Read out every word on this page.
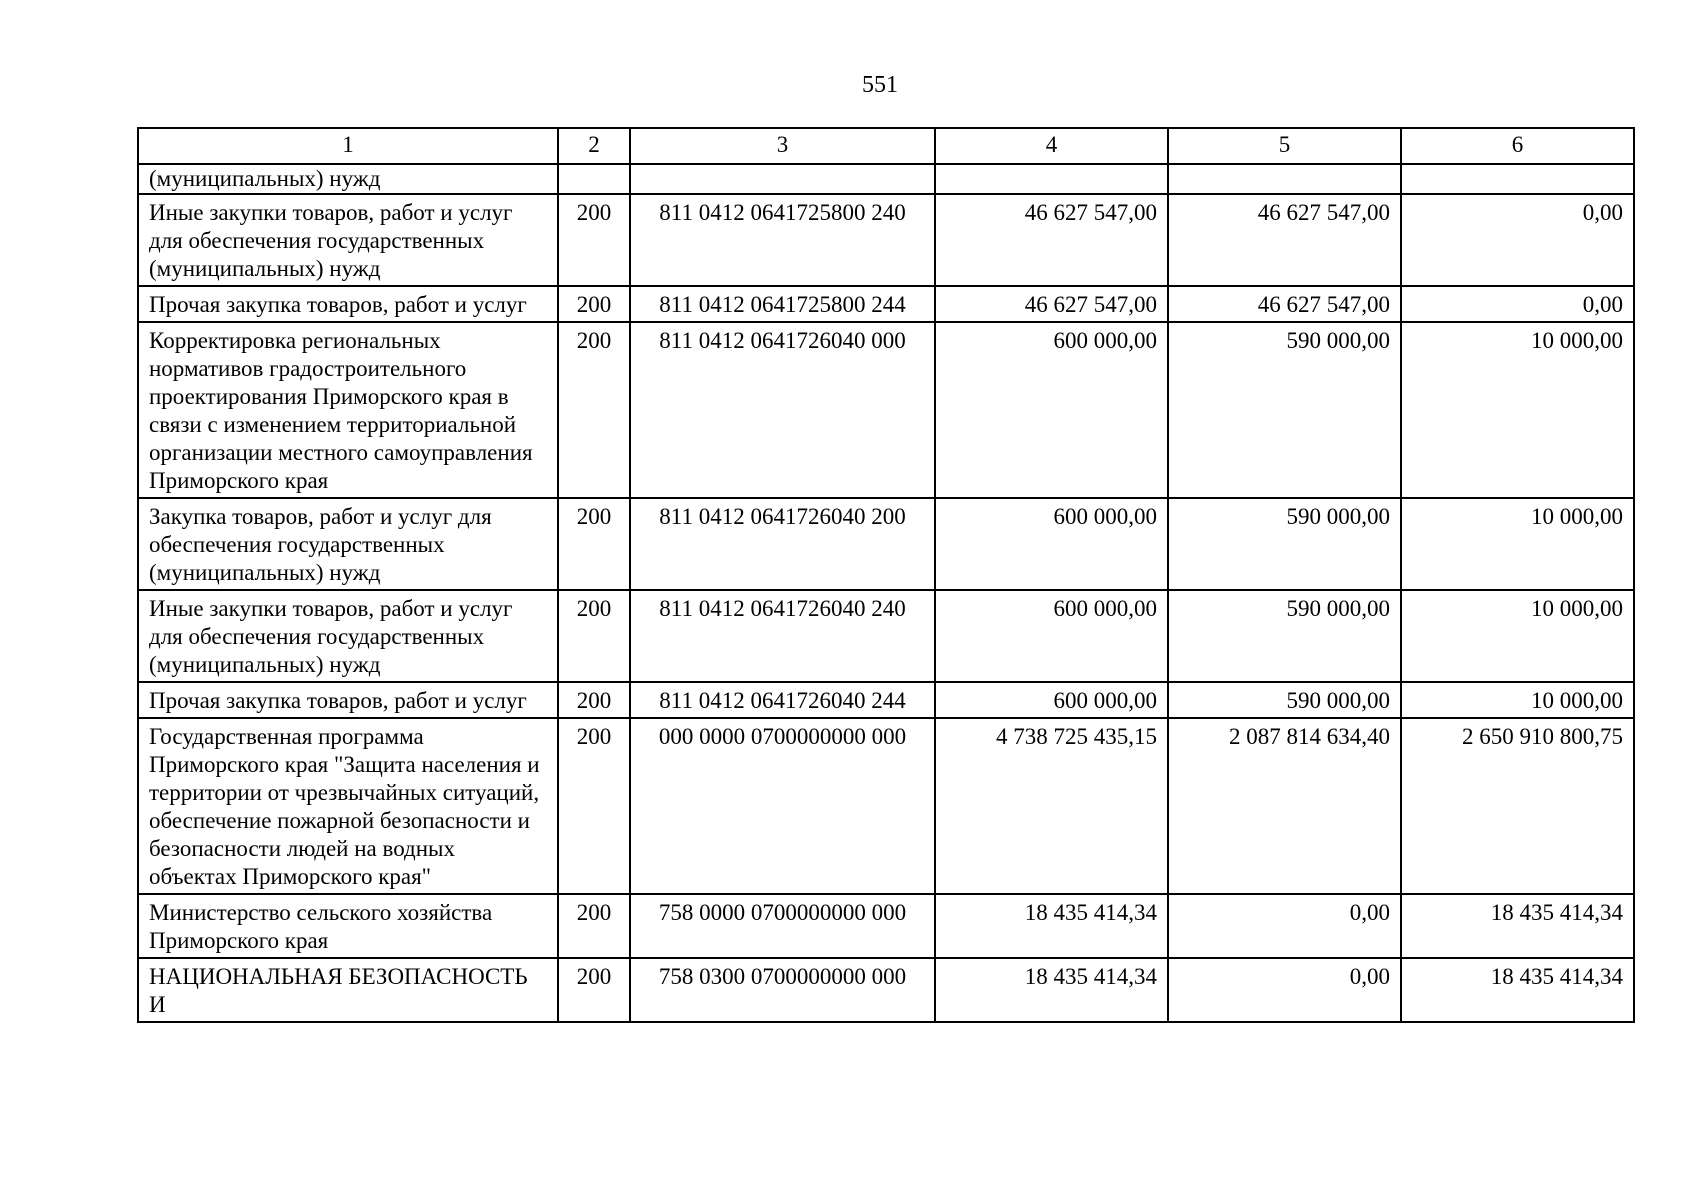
551
1	2	3	4	5	6
(муниципальных) нужд					
Иные закупки товаров, работ и услуг для обеспечения государственных (муниципальных) нужд	200	811 0412 0641725800 240	46 627 547,00	46 627 547,00	0,00
Прочая закупка товаров, работ и услуг	200	811 0412 0641725800 244	46 627 547,00	46 627 547,00	0,00
Корректировка региональных нормативов градостроительного проектирования Приморского края в связи с изменением территориальной организации местного самоуправления Приморского края	200	811 0412 0641726040 000	600 000,00	590 000,00	10 000,00
Закупка товаров, работ и услуг для обеспечения государственных (муниципальных) нужд	200	811 0412 0641726040 200	600 000,00	590 000,00	10 000,00
Иные закупки товаров, работ и услуг для обеспечения государственных (муниципальных) нужд	200	811 0412 0641726040 240	600 000,00	590 000,00	10 000,00
Прочая закупка товаров, работ и услуг	200	811 0412 0641726040 244	600 000,00	590 000,00	10 000,00
Государственная программа Приморского края "Защита населения и территории от чрезвычайных ситуаций, обеспечение пожарной безопасности и безопасности людей на водных объектах Приморского края"	200	000 0000 0700000000 000	4 738 725 435,15	2 087 814 634,40	2 650 910 800,75
Министерство сельского хозяйства Приморского края	200	758 0000 0700000000 000	18 435 414,34	0,00	18 435 414,34
НАЦИОНАЛЬНАЯ БЕЗОПАСНОСТЬ И	200	758 0300 0700000000 000	18 435 414,34	0,00	18 435 414,34
